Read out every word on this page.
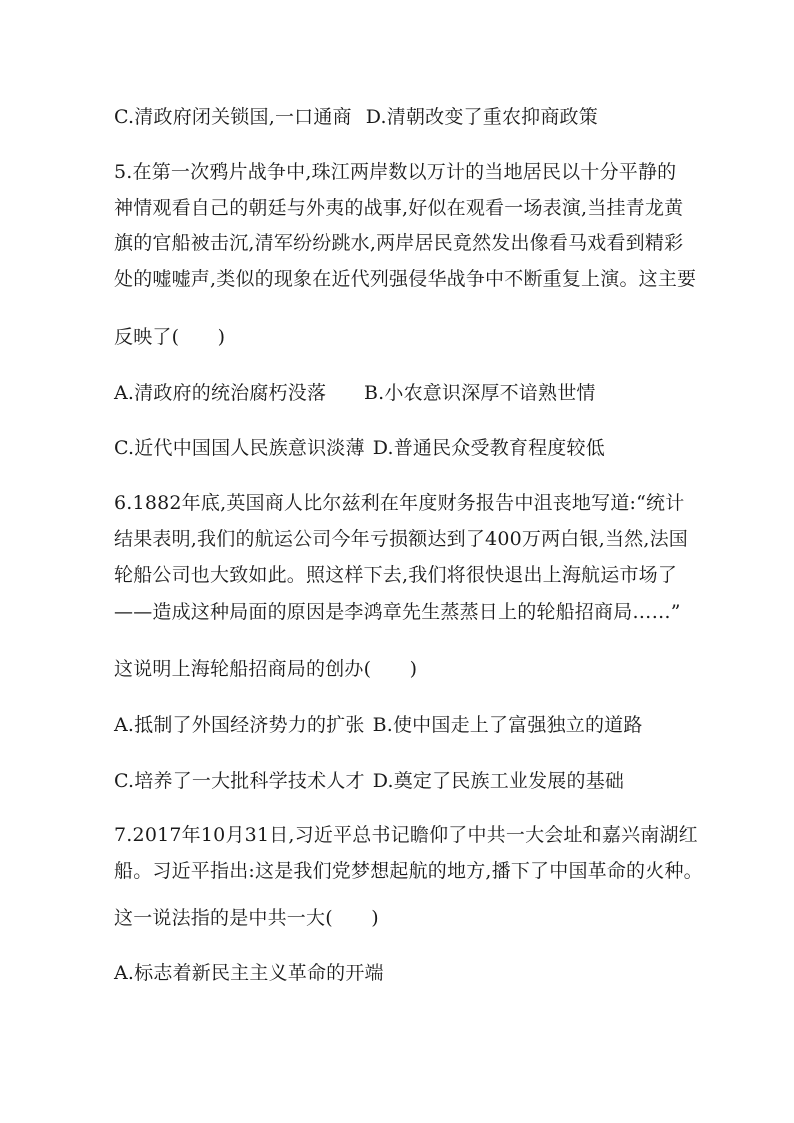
C.清政府闭关锁国,一口通商 D.清朝改变了重农抑商政策
5.在第一次鸦片战争中,珠江两岸数以万计的当地居民以十分平静的
神情观看自己的朝廷与外夷的战事,好似在观看一场表演,当挂青龙黄
旗的官船被击沉,清军纷纷跳水,两岸居民竟然发出像看马戏看到精彩
处的嘘嘘声,类似的现象在近代列强侵华战争中不断重复上演。这主要
反映了(　　)
A.清政府的统治腐朽没落 B.小农意识深厚不谙熟世情
C.近代中国国人民族意识淡薄 D.普通民众受教育程度较低
6.1882年底,英国商人比尔兹利在年度财务报告中沮丧地写道:“统计
结果表明,我们的航运公司今年亏损额达到了400万两白银,当然,法国
轮船公司也大致如此。照这样下去,我们将很快退出上海航运市场了
——造成这种局面的原因是李鸿章先生蒸蒸日上的轮船招商局……”
这说明上海轮船招商局的创办(　　)
A.抵制了外国经济势力的扩张 B.使中国走上了富强独立的道路
C.培养了一大批科学技术人才 D.奠定了民族工业发展的基础
7.2017年10月31日,习近平总书记瞻仰了中共一大会址和嘉兴南湖红
船。习近平指出:这是我们党梦想起航的地方,播下了中国革命的火种。
这一说法指的是中共一大(　　)
A.标志着新民主主义革命的开端
